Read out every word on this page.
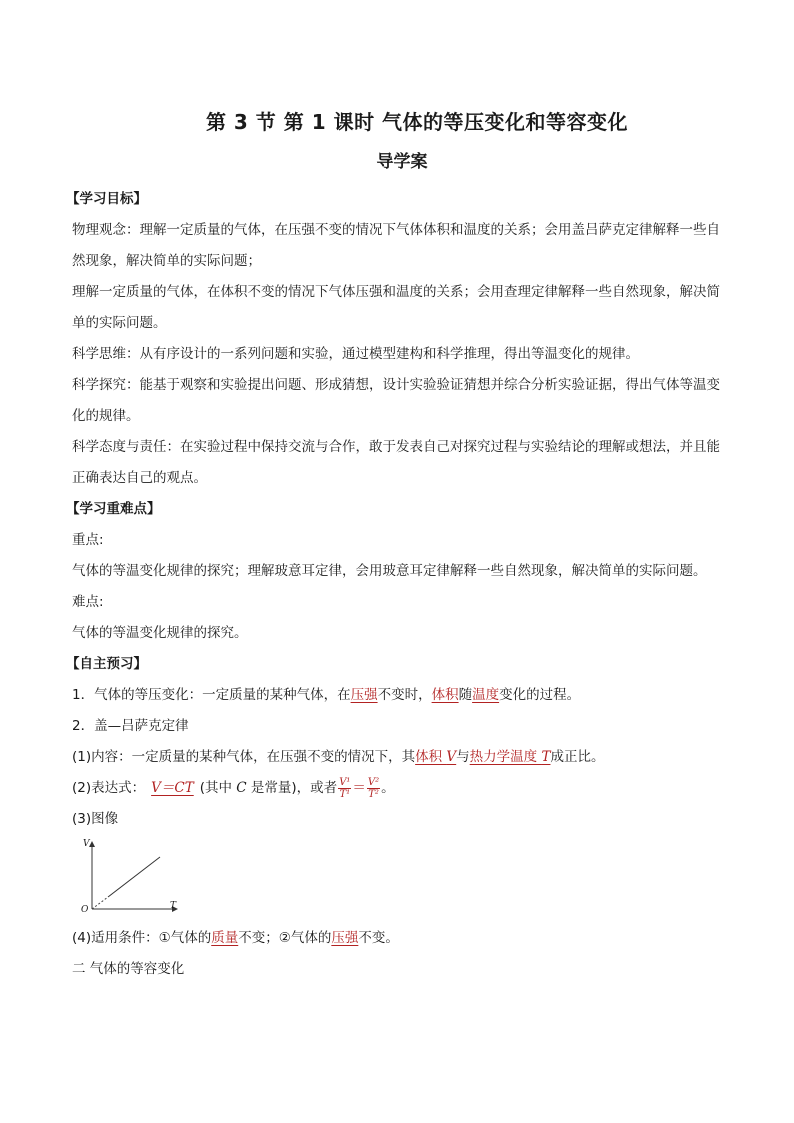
第 3 节 第 1 课时 气体的等压变化和等容变化
导学案

【学习目标】

物理观念：理解一定质量的气体，在压强不变的情况下气体体积和温度的关系；会用盖吕萨克定律解释一些自然现象，解决简单的实际问题；

理解一定质量的气体，在体积不变的情况下气体压强和温度的关系；会用查理定律解释一些自然现象，解决简单的实际问题。

科学思维：从有序设计的一系列问题和实验，通过模型建构和科学推理，得出等温变化的规律。

科学探究：能基于观察和实验提出问题、形成猜想，设计实验验证猜想并综合分析实验证据，得出气体等温变化的规律。

科学态度与责任：在实验过程中保持交流与合作，敢于发表自己对探究过程与实验结论的理解或想法，并且能正确表达自己的观点。

【学习重难点】

重点:

气体的等温变化规律的探究；理解玻意耳定律，会用玻意耳定律解释一些自然现象，解决简单的实际问题。

难点:

气体的等温变化规律的探究。

【自主预习】

1．气体的等压变化：一定质量的某种气体，在压强不变时，体积随温度变化的过程。

2．盖—吕萨克定律

(1)内容：一定质量的某种气体，在压强不变的情况下，其体积 V与热力学温度 T成正比。

(2)表达式： V＝CT (其中 C 是常量)，或者 $\frac{\text{V¹}}{\text{T¹}} = \frac{\text{V²}}{\text{T²}}$ 。

(3)图像

V
T
O

(4)适用条件：①气体的质量不变；②气体的压强不变。

二 气体的等容变化
